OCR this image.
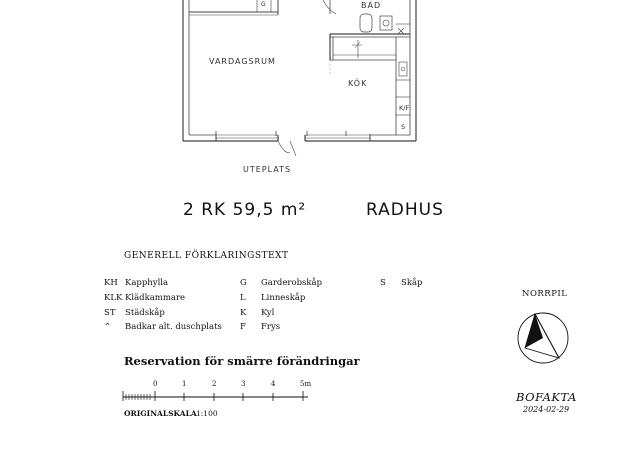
BAD
VARDAGSRUM
KÖK
UTEPLATS
K/F
S
G
2 RK 59,5 m²	RADHUS
GENERELL FÖRKLARINGSTEXT
KH Kapphylla
KLK Klädkammare
ST Städskåp
⌃ Badkar alt. duschplats
G Garderobskåp
L Linneskåp
K Kyl
F Frys
S Skåp
Reservation för smärre förändringar
0	1	2	3	4	5m
ORIGINALSKALA 1:100
NORRPIL
BOFAKTA
2024-02-29
